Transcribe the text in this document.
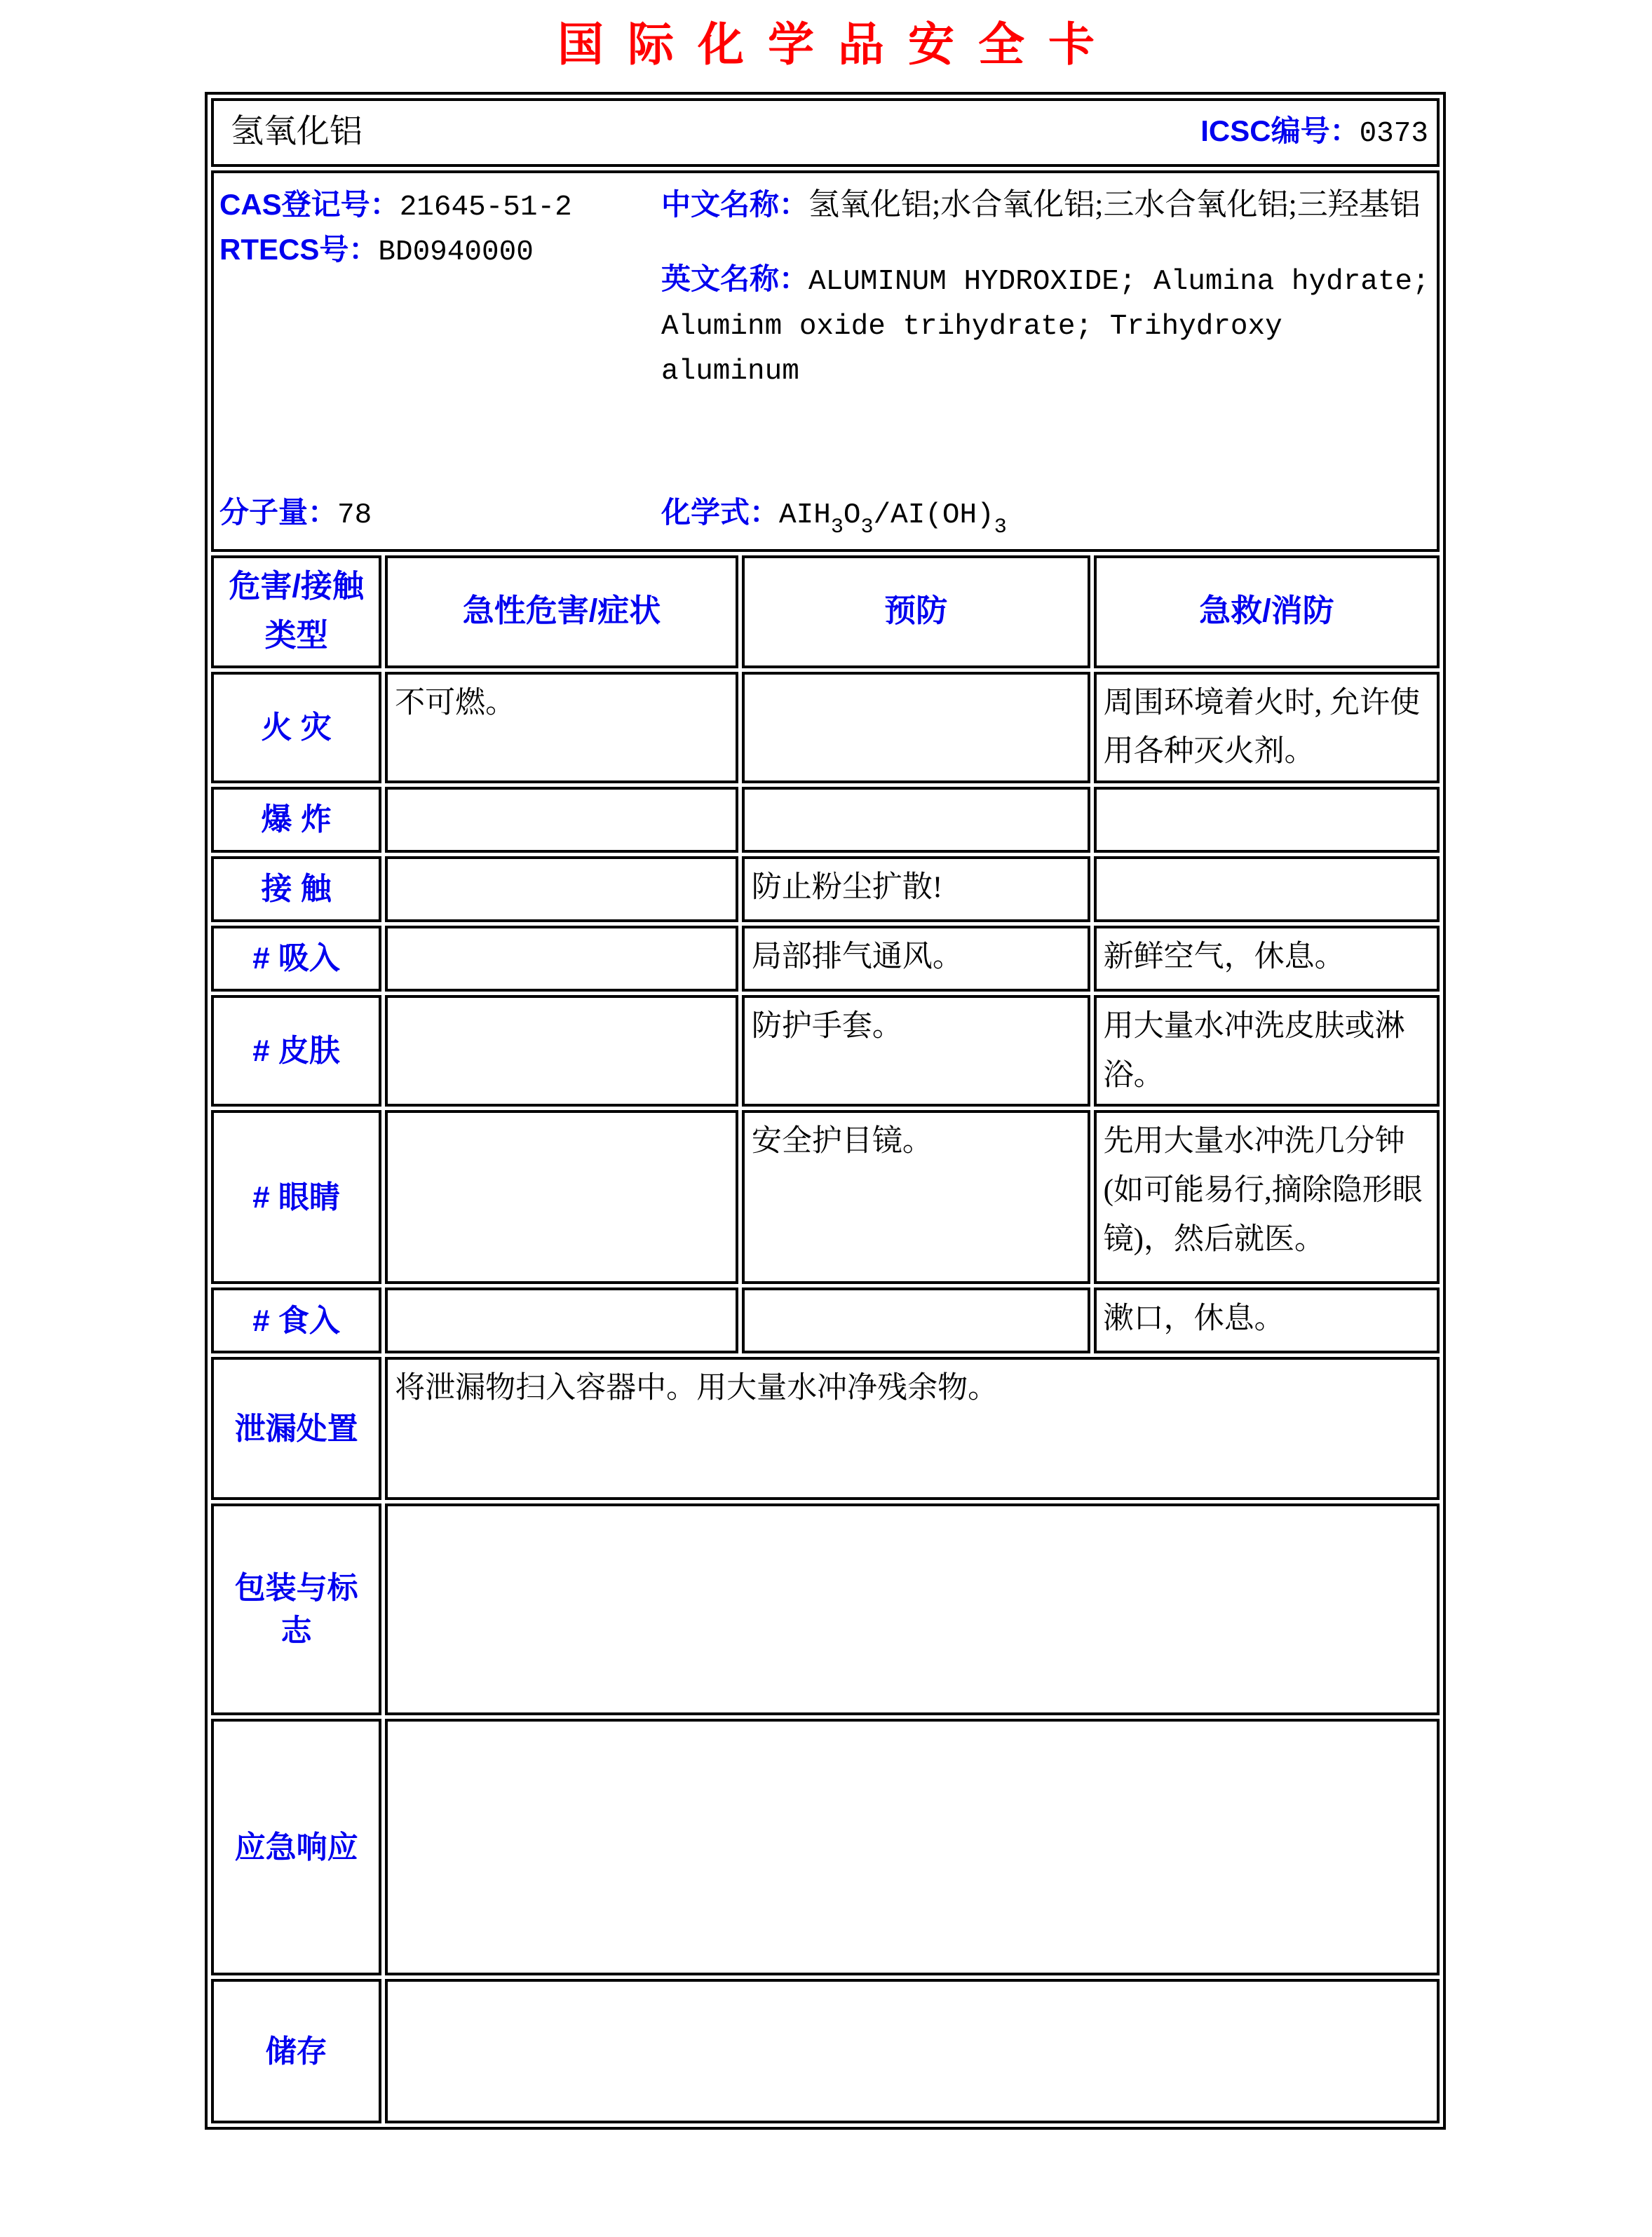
国际化学品安全卡
氢氧化铝 ICSC编号：0373			

CAS登记号：21645-51-2

RTECS号：BD0940000

分子量：78

中文名称：氢氧化铝;水合氧化铝;三水合氧化铝;三羟基铝

英文名称：ALUMINUM HYDROXIDE; Alumina hydrate; Aluminm oxide trihydrate; Trihydroxy aluminum

化学式：$AIH_3O_3/AI(OH)_3$

危害/接触类型	急性危害/症状	预防	急救/消防
火 灾	不可燃。		周围环境着火时, 允许使用各种灭火剂。
爆 炸			
接 触		防止粉尘扩散!	
# 吸入		局部排气通风。	新鲜空气，休息。
# 皮肤		防护手套。	用大量水冲洗皮肤或淋浴。
# 眼睛		安全护目镜。	先用大量水冲洗几分钟(如可能易行,摘除隐形眼镜)，然后就医。
# 食入			漱口，休息。
泄漏处置	将泄漏物扫入容器中。用大量水冲净残余物。		
包装与标志			
应急响应			
储存			
